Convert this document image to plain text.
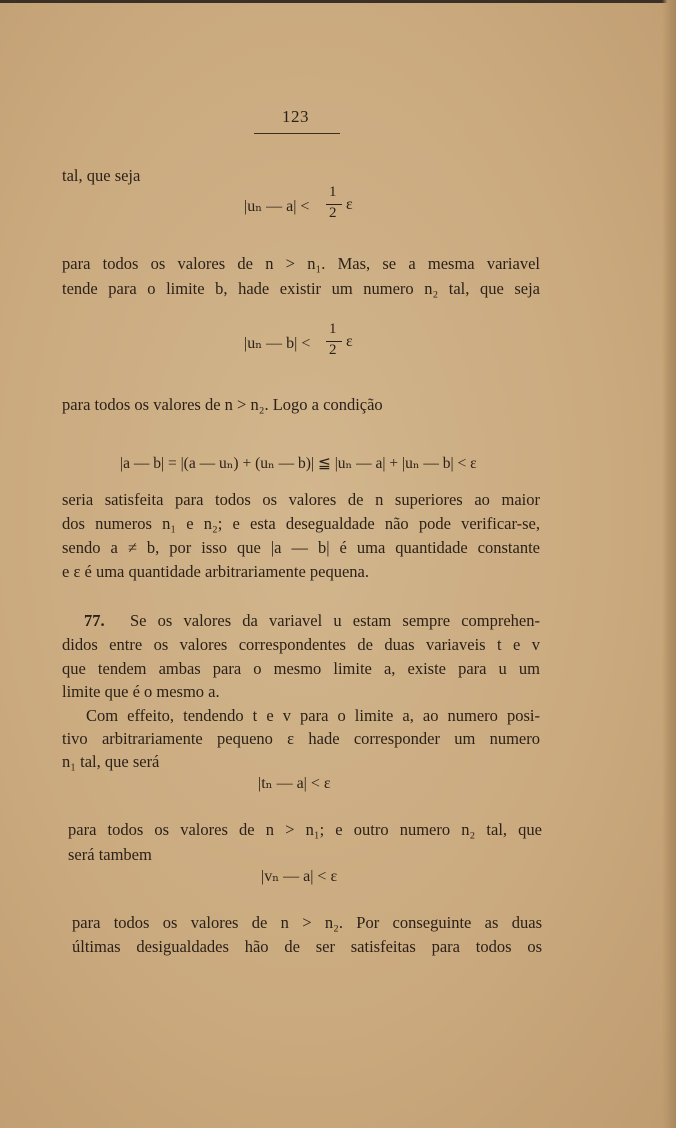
123
tal, que seja
|uₙ — a| <
1
2 ε
para todos os valores de n > n₁. Mas, se a mesma variavel
tende para o limite b, hade existir um numero n₂ tal, que seja
|uₙ — b| <
1
2 ε
para todos os valores de n > n₂. Logo a condição
|a — b| = |(a — uₙ) + (uₙ — b)| ≦ |uₙ — a| + |uₙ — b| < ε
seria satisfeita para todos os valores de n superiores ao maior
dos numeros n₁ e n₂; e esta desegualdade não pode verificar-se,
sendo a ≠ b, por isso que |a — b| é uma quantidade constante
e ε é uma quantidade arbitrariamente pequena.
77.	Se os valores da variavel u estam sempre comprehen-
didos entre os valores correspondentes de duas variaveis t e v
que tendem ambas para o mesmo limite a, existe para u um
limite que é o mesmo a.
Com effeito, tendendo t e v para o limite a, ao numero posi-
tivo arbitrariamente pequeno ε hade corresponder um numero
n₁ tal, que será
|tₙ — a| < ε
para todos os valores de n > n₁; e outro numero n₂ tal, que
será tambem
|vₙ — a| < ε
para todos os valores de n > n₂. Por conseguinte as duas
últimas desigualdades hão de ser satisfeitas para todos os
